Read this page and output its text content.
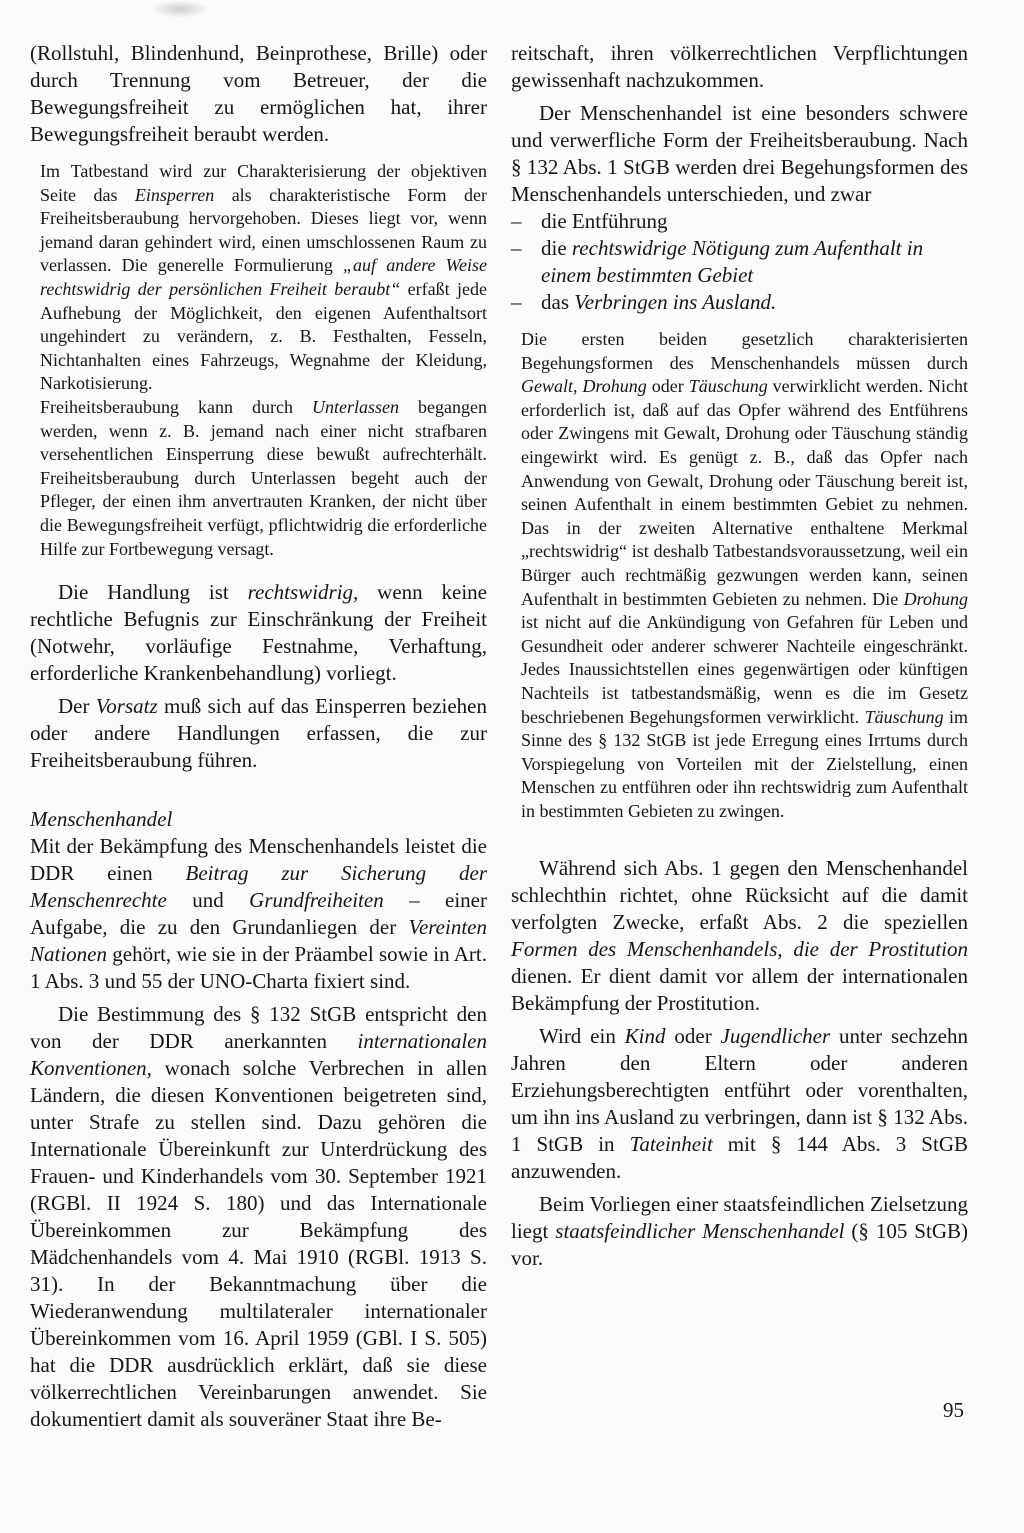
(Rollstuhl, Blindenhund, Beinprothese, Brille) oder durch Trennung vom Betreuer, der die Bewegungsfreiheit zu ermöglichen hat, ihrer Bewegungsfreiheit beraubt werden.

Im Tatbestand wird zur Charakterisierung der objektiven Seite das Einsperren als charakteristische Form der Freiheitsberaubung hervorgehoben. Dieses liegt vor, wenn jemand daran gehindert wird, einen umschlossenen Raum zu verlassen. Die generelle Formulierung „auf andere Weise rechtswidrig der persönlichen Freiheit beraubt“ erfaßt jede Aufhebung der Möglichkeit, den eigenen Aufenthaltsort ungehindert zu verändern, z. B. Festhalten, Fesseln, Nichtanhalten eines Fahrzeugs, Wegnahme der Kleidung, Narkotisierung.

Freiheitsberaubung kann durch Unterlassen begangen werden, wenn z. B. jemand nach einer nicht strafbaren versehentlichen Einsperrung diese bewußt aufrechterhält. Freiheitsberaubung durch Unterlassen begeht auch der Pfleger, der einen ihm anvertrauten Kranken, der nicht über die Bewegungsfreiheit verfügt, pflichtwidrig die erforderliche Hilfe zur Fortbewegung versagt.

Die Handlung ist rechtswidrig, wenn keine rechtliche Befugnis zur Einschränkung der Freiheit (Notwehr, vorläufige Festnahme, Verhaftung, erforderliche Krankenbehandlung) vorliegt.

Der Vorsatz muß sich auf das Einsperren beziehen oder andere Handlungen erfassen, die zur Freiheitsberaubung führen.

Menschenhandel

Mit der Bekämpfung des Menschenhandels leistet die DDR einen Beitrag zur Sicherung der Menschenrechte und Grundfreiheiten – einer Aufgabe, die zu den Grundanliegen der Vereinten Nationen gehört, wie sie in der Präambel sowie in Art. 1 Abs. 3 und 55 der UNO-Charta fixiert sind.

Die Bestimmung des § 132 StGB entspricht den von der DDR anerkannten internationalen Konventionen, wonach solche Verbrechen in allen Ländern, die diesen Konventionen beigetreten sind, unter Strafe zu stellen sind. Dazu gehören die Internationale Übereinkunft zur Unterdrückung des Frauen- und Kinderhandels vom 30. September 1921 (RGBl. II 1924 S. 180) und das Internationale Übereinkommen zur Bekämpfung des Mädchenhandels vom 4. Mai 1910 (RGBl. 1913 S. 31). In der Bekanntmachung über die Wiederanwendung multilateraler internationaler Übereinkommen vom 16. April 1959 (GBl. I S. 505) hat die DDR ausdrücklich erklärt, daß sie diese völkerrechtlichen Vereinbarungen anwendet. Sie dokumentiert damit als souveräner Staat ihre Be-

reitschaft, ihren völkerrechtlichen Verpflichtungen gewissenhaft nachzukommen.

Der Menschenhandel ist eine besonders schwere und verwerfliche Form der Freiheitsberaubung. Nach § 132 Abs. 1 StGB werden drei Begehungsformen des Menschenhandels unterschieden, und zwar

– die Entführung
– die rechtswidrige Nötigung zum Aufenthalt in einem bestimmten Gebiet
– das Verbringen ins Ausland.

Die ersten beiden gesetzlich charakterisierten Begehungsformen des Menschenhandels müssen durch Gewalt, Drohung oder Täuschung verwirklicht werden. Nicht erforderlich ist, daß auf das Opfer während des Entführens oder Zwingens mit Gewalt, Drohung oder Täuschung ständig eingewirkt wird. Es genügt z. B., daß das Opfer nach Anwendung von Gewalt, Drohung oder Täuschung bereit ist, seinen Aufenthalt in einem bestimmten Gebiet zu nehmen. Das in der zweiten Alternative enthaltene Merkmal „rechtswidrig“ ist deshalb Tatbestandsvoraussetzung, weil ein Bürger auch rechtmäßig gezwungen werden kann, seinen Aufenthalt in bestimmten Gebieten zu nehmen. Die Drohung ist nicht auf die Ankündigung von Gefahren für Leben und Gesundheit oder anderer schwerer Nachteile eingeschränkt. Jedes Inaussichtstellen eines gegenwärtigen oder künftigen Nachteils ist tatbestandsmäßig, wenn es die im Gesetz beschriebenen Begehungsformen verwirklicht. Täuschung im Sinne des § 132 StGB ist jede Erregung eines Irrtums durch Vorspiegelung von Vorteilen mit der Zielstellung, einen Menschen zu entführen oder ihn rechtswidrig zum Aufenthalt in bestimmten Gebieten zu zwingen.

Während sich Abs. 1 gegen den Menschenhandel schlechthin richtet, ohne Rücksicht auf die damit verfolgten Zwecke, erfaßt Abs. 2 die speziellen Formen des Menschenhandels, die der Prostitution dienen. Er dient damit vor allem der internationalen Bekämpfung der Prostitution.

Wird ein Kind oder Jugendlicher unter sechzehn Jahren den Eltern oder anderen Erziehungsberechtigten entführt oder vorenthalten, um ihn ins Ausland zu verbringen, dann ist § 132 Abs. 1 StGB in Tateinheit mit § 144 Abs. 3 StGB anzuwenden.

Beim Vorliegen einer staatsfeindlichen Zielsetzung liegt staatsfeindlicher Menschenhandel (§ 105 StGB) vor.

95
